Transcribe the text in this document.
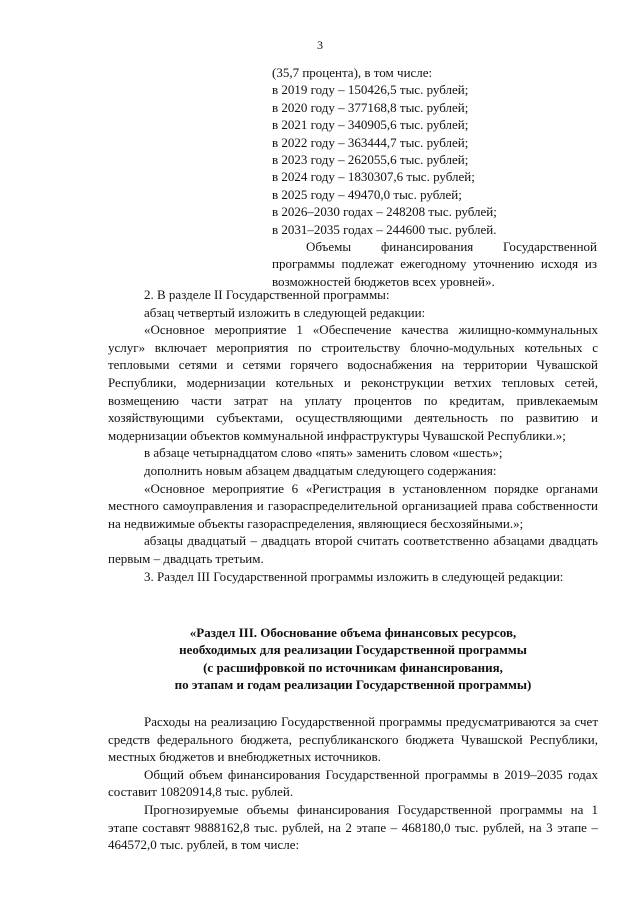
3
(35,7 процента), в том числе:
в 2019 году – 150426,5 тыс. рублей;
в 2020 году – 377168,8 тыс. рублей;
в 2021 году – 340905,6 тыс. рублей;
в 2022 году – 363444,7 тыс. рублей;
в 2023 году – 262055,6 тыс. рублей;
в 2024 году – 1830307,6 тыс. рублей;
в 2025 году – 49470,0 тыс. рублей;
в 2026–2030 годах – 248208 тыс. рублей;
в 2031–2035 годах – 244600 тыс. рублей.
Объемы финансирования Государственной программы подлежат ежегодному уточнению исходя из возможностей бюджетов всех уровней».

2. В разделе II Государственной программы:

абзац четвертый изложить в следующей редакции:

«Основное мероприятие 1 «Обеспечение качества жилищно-коммунальных услуг» включает мероприятия по строительству блочно-модульных котельных с тепловыми сетями и сетями горячего водоснабжения на территории Чувашской Республики, модернизации котельных и реконструкции ветхих тепловых сетей, возмещению части затрат на уплату процентов по кредитам, привлекаемым хозяйствующими субъектами, осуществляющими деятельность по развитию и модернизации объектов коммунальной инфраструктуры Чувашской Республики.»;

в абзаце четырнадцатом слово «пять» заменить словом «шесть»;

дополнить новым абзацем двадцатым следующего содержания:

«Основное мероприятие 6 «Регистрация в установленном порядке органами местного самоуправления и газораспределительной организацией права собственности на недвижимые объекты газораспределения, являющиеся бесхозяйными.»;

абзацы двадцатый – двадцать второй считать соответственно абзацами двадцать первым – двадцать третьим.

3. Раздел III Государственной программы изложить в следующей редакции:

«Раздел III. Обоснование объема финансовых ресурсов,
необходимых для реализации Государственной программы
(с расшифровкой по источникам финансирования,
по этапам и годам реализации Государственной программы)

Расходы на реализацию Государственной программы предусматриваются за счет средств федерального бюджета, республиканского бюджета Чувашской Республики, местных бюджетов и внебюджетных источников.

Общий объем финансирования Государственной программы в 2019–2035 годах составит 10820914,8 тыс. рублей.

Прогнозируемые объемы финансирования Государственной программы на 1 этапе составят 9888162,8 тыс. рублей, на 2 этапе – 468180,0 тыс. рублей, на 3 этапе – 464572,0 тыс. рублей, в том числе:
